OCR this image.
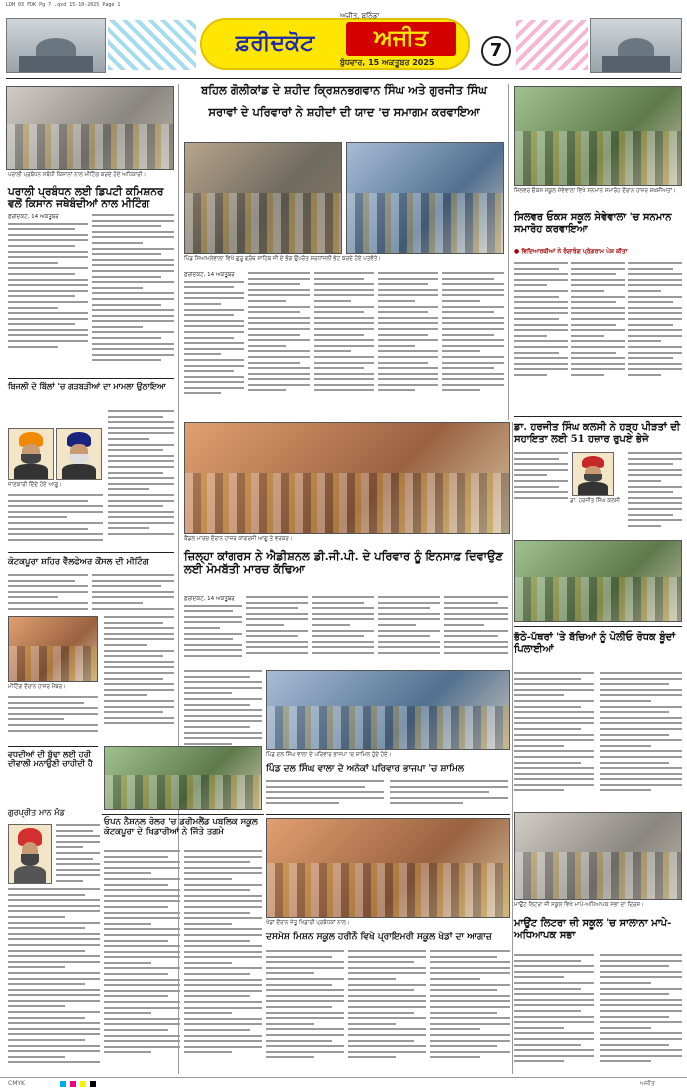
LDH 03 FDK Pg 7 .qxd 15-10-2025 Page 1
ਫ਼ਰੀਦਕੋਟ
ਅਜੀਤ, ਬਠਿੰਡਾ
ਅਜੀਤ
ਬੁੱਧਵਾਰ, 15 ਅਕਤੂਬਰ 2025
7
ਪਰਾਲੀ ਪ੍ਰਬੰਧਨ ਸਬੰਧੀ ਕਿਸਾਨਾਂ ਨਾਲ ਮੀਟਿੰਗ ਕਰਦੇ ਹੋਏ ਅਧਿਕਾਰੀ।
ਪਰਾਲੀ ਪ੍ਰਬੰਧਨ ਲਈ ਡਿਪਟੀ ਕਮਿਸ਼ਨਰ ਵਲੋਂ ਕਿਸਾਨ ਜਥੇਬੰਦੀਆਂ ਨਾਲ ਮੀਟਿੰਗ
ਫ਼ਰੀਦਕੋਟ, 14 ਅਕਤੂਬਰ
ਬਿਜਲੀ ਦੇ ਬਿੱਲਾਂ 'ਚ ਗੜਬੜੀਆਂ ਦਾ ਮਾਮਲਾ ਉਠਾਇਆ
ਜਾਣਕਾਰੀ ਦਿੰਦੇ ਹੋਏ ਆਗੂ।
ਕੋਟਕਪੂਰਾ ਸ਼ਹਿਰ ਵੈੱਲਫੇਅਰ ਕੌਂਸਲ ਦੀ ਮੀਟਿੰਗ
ਮੀਟਿੰਗ ਦੌਰਾਨ ਹਾਜ਼ਰ ਮੈਂਬਰ।
ਵਧਦੀਆਂ ਦੀ ਬੁੱਢਾ ਲਈ ਹਰੀ ਦੀਵਾਲੀ ਮਨਾਉਣੀ ਚਾਹੀਦੀ ਹੈ
ਗੁਰਪ੍ਰੀਤ ਮਾਨ ਮੰਡ
ਬਹਿਲ ਗੋਲੀਕਾਂਡ ਦੇ ਸ਼ਹੀਦ ਕ੍ਰਿਸ਼ਨਭਗਵਾਨ ਸਿੰਘ ਅਤੇ ਗੁਰਜੀਤ ਸਿੰਘ
ਸਰਾਵਾਂ ਦੇ ਪਰਿਵਾਰਾਂ ਨੇ ਸ਼ਹੀਦਾਂ ਦੀ ਯਾਦ 'ਚ ਸਮਾਗਮ ਕਰਵਾਇਆ
ਪਿੰਡ ਸਿਆਮਲੇਵਾਲਾ ਵਿਖੇ ਗੁਰੂ ਗ੍ਰੰਥ ਸਾਹਿਬ ਜੀ ਦੇ ਭੋਗ ਉਪਰੰਤ ਸ਼ਰਧਾਂਜਲੀ ਭੇਟ ਕਰਦੇ ਹੋਏ ਪਤਵੰਤੇ।
ਫ਼ਰੀਦਕੋਟ, 14 ਅਕਤੂਬਰ
ਸਿਲਵਰ ਓਕਸ ਸਕੂਲ ਸੇਵੇਵਾਲਾ ਵਿਖੇ ਸਨਮਾਨ ਸਮਾਰੋਹ ਦੌਰਾਨ ਹਾਜ਼ਰ ਸ਼ਖ਼ਸੀਅਤਾਂ।
ਸਿਲਵਰ ਓਕਸ ਸਕੂਲ ਸੇਵੇਵਾਲਾ 'ਚ ਸਨਮਾਨ ਸਮਾਰੋਹ ਕਰਵਾਇਆ
● ਵਿਦਿਆਰਥੀਆਂ ਨੇ ਰੰਗਾਰੰਗ ਪ੍ਰੋਗਰਾਮ ਪੇਸ਼ ਕੀਤਾ
ਕੈਂਡਲ ਮਾਰਚ ਦੌਰਾਨ ਹਾਜ਼ਰ ਕਾਂਗਰਸੀ ਆਗੂ ਤੇ ਵਰਕਰ।
ਡਾ. ਹਰਜੀਤ ਸਿੰਘ ਕਲਸੀ ਨੇ ਹੜ੍ਹ ਪੀੜਤਾਂ ਦੀ ਸਹਾਇਤਾ ਲਈ 51 ਹਜ਼ਾਰ ਰੁਪਏ ਭੇਜੇ
ਡਾ. ਹਰਜੀਤ ਸਿੰਘ ਕਲਸੀ
ਜ਼ਿਲ੍ਹਾ ਕਾਂਗਰਸ ਨੇ ਐਡੀਸ਼ਨਲ ਡੀ.ਜੀ.ਪੀ. ਦੇ ਪਰਿਵਾਰ ਨੂੰ ਇਨਸਾਫ਼ ਦਿਵਾਉਣ ਲਈ ਮੋਮਬੱਤੀ ਮਾਰਚ ਕੱਢਿਆ
ਫ਼ਰੀਦਕੋਟ, 14 ਅਕਤੂਬਰ
ਪਿੰਡ ਦਲ ਸਿੰਘ ਵਾਲਾ ਦੇ ਪਰਿਵਾਰ ਭਾਜਪਾ 'ਚ ਸ਼ਾਮਿਲ ਹੁੰਦੇ ਹੋਏ।
ਪਿੰਡ ਦਲ ਸਿੰਘ ਵਾਲਾ ਦੇ ਅਨੇਕਾਂ ਪਰਿਵਾਰ ਭਾਜਪਾ 'ਚ ਸ਼ਾਮਿਲ
ਭੱਠੇ-ਪੱਥਰਾਂ 'ਤੇ ਬੱਚਿਆਂ ਨੂੰ ਪੋਲੀਓ ਰੋਧਕ ਬੂੰਦਾਂ ਪਿਲਾਈਆਂ
ਮਾਉਂਟ ਲਿਟਰਾ ਜ਼ੀ ਸਕੂਲ ਵਿਖੇ ਮਾਪੇ-ਅਧਿਆਪਕ ਸਭਾ ਦਾ ਦ੍ਰਿਸ਼।
ਮਾਉਂਟ ਲਿਟਰਾ ਜ਼ੀ ਸਕੂਲ 'ਚ ਸਾਲਾਨਾ ਮਾਪੇ-ਅਧਿਆਪਕ ਸਭਾ
ਓਪਨ ਨੈਸ਼ਨਲ ਰੋਲਰ 'ਚ ਡਰੀਮਲੈਂਡ ਪਬਲਿਕ ਸਕੂਲ ਕੋਟਕਪੂਰਾ ਦੇ ਖਿਡਾਰੀਆਂ ਨੇ ਜਿੱਤੇ ਤਗਮੇ
ਖੇਡਾਂ ਦੌਰਾਨ ਜੇਤੂ ਖਿਡਾਰੀ ਪ੍ਰਬੰਧਕਾਂ ਨਾਲ।
ਦਸਮੇਸ਼ ਮਿਸ਼ਨ ਸਕੂਲ ਹਰੀਨੌ ਵਿਖੇ ਪ੍ਰਾਇਮਰੀ ਸਕੂਲ ਖੇਡਾਂ ਦਾ ਆਗਾਜ਼
CMYK	ਅਜੀਤ
